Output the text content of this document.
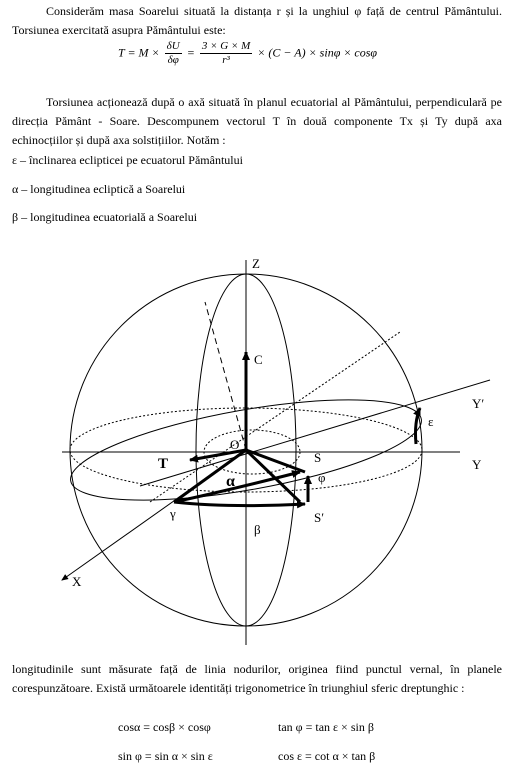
Considerăm masa Soarelui situată la distanța r și la unghiul φ față de centrul Pământului. Torsiunea exercitată asupra Pământului este:

$T = M \times \frac{\delta U}{\delta\varphi} = \frac{3 \times G \times M}{\text{r³}} \times (C - A) \times \sin\varphi \times \cos\varphi$

Torsiunea acționează după o axă situată în planul ecuatorial al Pământului, perpendiculară pe direcția Pământ - Soare. Descompunem vectorul T în două componente Tx și Ty după axa echinocțiilor și după axa solstițiilor. Notăm :

ε – înclinarea eclipticei pe ecuatorul Pământului

α – longitudinea ecliptică a Soarelui

β – longitudinea ecuatorială a Soarelui

Z
C
Y′
ε
O
S	Y
T
α	φ
γ	S′
β
X

longitudinile sunt măsurate față de linia nodurilor, originea fiind punctul vernal, în planele corespunzătoare. Există următoarele identități trigonometrice în triunghiul sferic dreptunghic :

cosα = cosβ × cosφ	tan φ = tan ε × sin β
sin φ = sin α × sin ε	cos ε = cot α × tan β
